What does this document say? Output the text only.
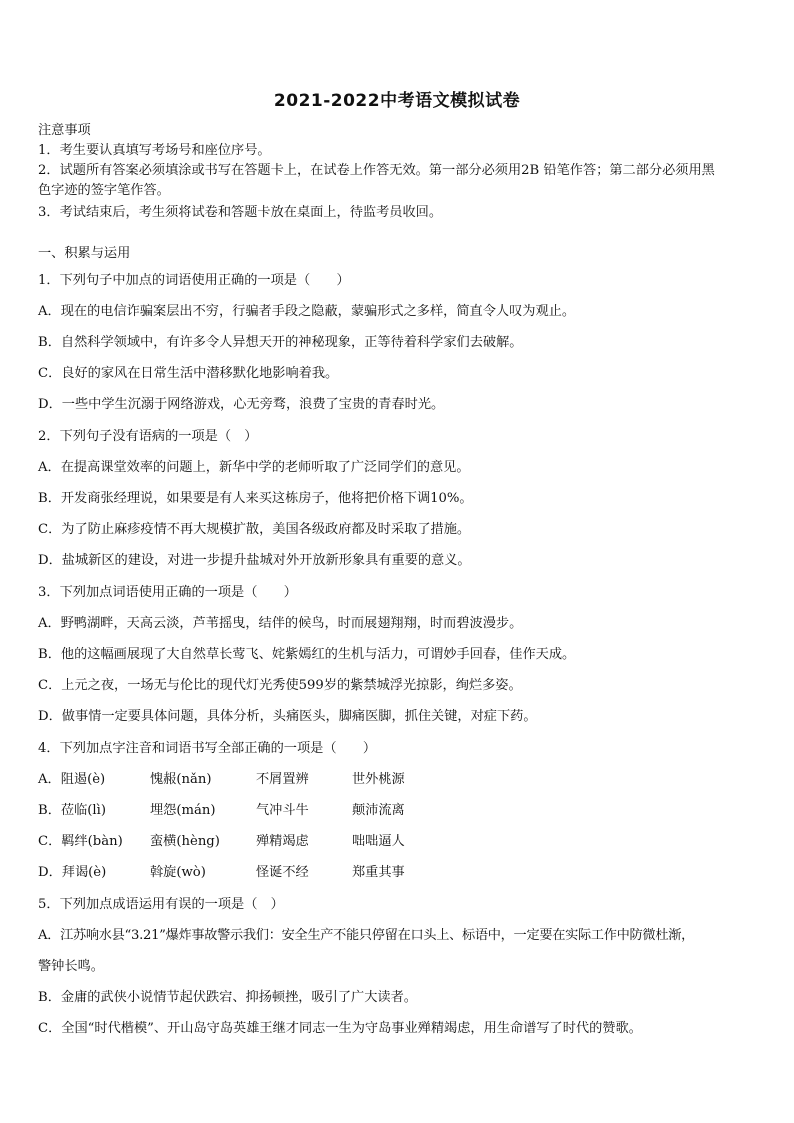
2021-2022中考语文模拟试卷
注意事项
1．考生要认真填写考场号和座位序号。
2．试题所有答案必须填涂或书写在答题卡上，在试卷上作答无效。第一部分必须用2B 铅笔作答；第二部分必须用黑
色字迹的签字笔作答。
3．考试结束后，考生须将试卷和答题卡放在桌面上，待监考员收回。
一、积累与运用
1．下列句子中加点的词语使用正确的一项是（　　）
A．现在的电信诈骗案层出不穷，行骗者手段之隐蔽，蒙骗形式之多样，简直令人叹为观止。
B．自然科学领域中，有许多令人异想天开的神秘现象，正等待着科学家们去破解。
C．良好的家风在日常生活中潜移默化地影响着我。
D．一些中学生沉溺于网络游戏，心无旁骛，浪费了宝贵的青春时光。
2．下列句子没有语病的一项是（　）
A．在提高课堂效率的问题上，新华中学的老师听取了广泛同学们的意见。
B．开发商张经理说，如果要是有人来买这栋房子，他将把价格下调10%。
C．为了防止麻疹疫情不再大规模扩散，美国各级政府都及时采取了措施。
D．盐城新区的建设，对进一步提升盐城对外开放新形象具有重要的意义。
3．下列加点词语使用正确的一项是（　　）
A．野鸭湖畔，天高云淡，芦苇摇曳，结伴的候鸟，时而展翅翔翔，时而碧波漫步。
B．他的这幅画展现了大自然草长莺飞、姹紫嫣红的生机与活力，可谓妙手回春，佳作天成。
C．上元之夜，一场无与伦比的现代灯光秀使599岁的紫禁城浮光掠影，绚烂多姿。
D．做事情一定要具体问题，具体分析，头痛医头，脚痛医脚，抓住关键，对症下药。
4．下列加点字注音和词语书写全部正确的一项是（　　）
A．阻遏(è)	愧赧(nǎn)	不屑置辨	世外桃源
B．莅临(lì)	埋怨(mán)	气冲斗牛	颠沛流离
C．羁绊(bàn)	蛮横(hèng)	殚精竭虑	咄咄逼人
D．拜谒(è)	斡旋(wò)	怪诞不经	郑重其事
5．下列加点成语运用有误的一项是（　）
A．江苏响水县“3.21”爆炸事故警示我们：安全生产不能只停留在口头上、标语中，一定要在实际工作中防微杜渐，
警钟长鸣。
B．金庸的武侠小说情节起伏跌宕、抑扬顿挫，吸引了广大读者。
C．全国“时代楷模”、开山岛守岛英雄王继才同志一生为守岛事业殚精竭虑，用生命谱写了时代的赞歌。
